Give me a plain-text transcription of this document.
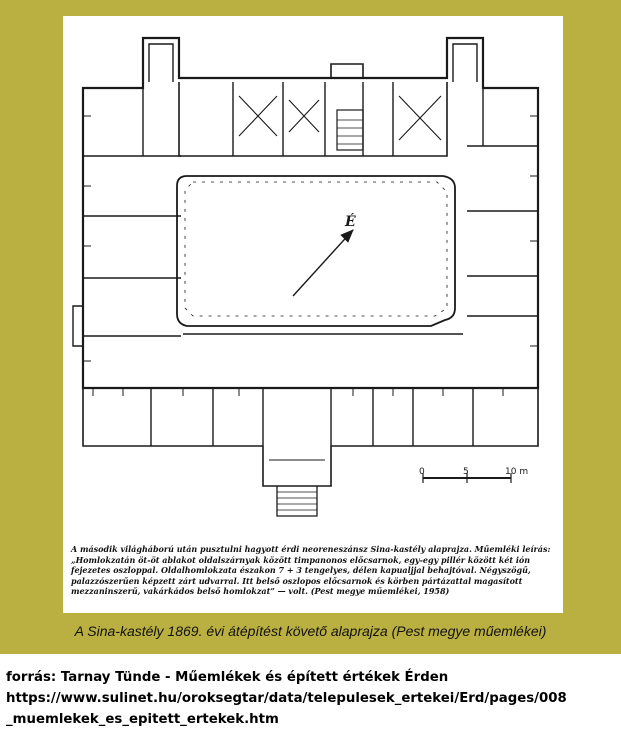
É
0	5	10 m

A második világháború után pusztulni hagyott érdi neoreneszánsz Sina-kastély alaprajza. Műemléki leírás: „Homlokzatán öt-öt ablakot oldalszárnyak között timpanonos előcsarnok, egy-egy pillér között két ión fejezetes oszloppal. Oldalhomlokzata északon 7 + 3 tengelyes, délen kapualjjal behajtóval. Négyszögű, palazzószerűen képzett zárt udvarral. Itt belső oszlopos előcsarnok és körben pártázattal magasított mezzaninszerű, vakárkádos belső homlokzat” — volt. (Pest megye műemlékei, 1958)

A Sina-kastély 1869. évi átépítést követő alaprajza (Pest megye műemlékei)

forrás: Tarnay Tünde - Műemlékek és épített értékek Érden
https://www.sulinet.hu/oroksegtar/data/telepulesek_ertekei/Erd/pages/008
_muemlekek_es_epitett_ertekek.htm
